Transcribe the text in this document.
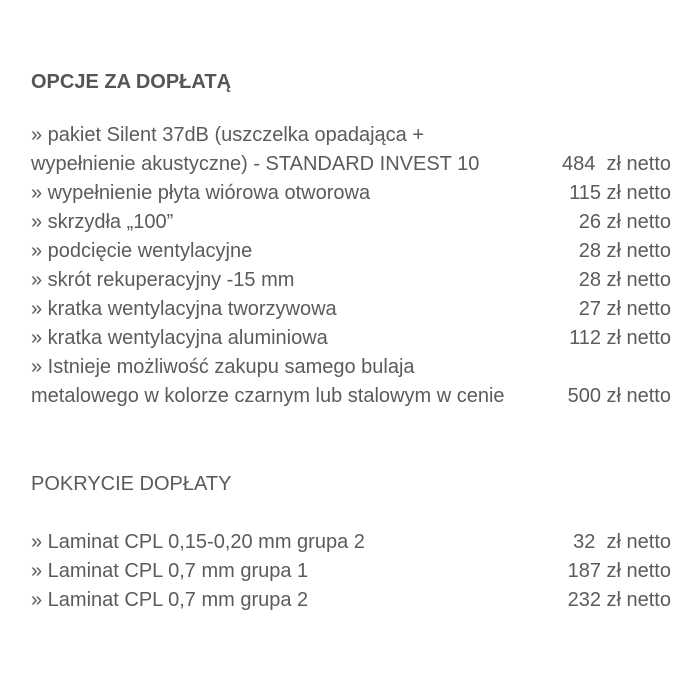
OPCJE ZA DOPŁATĄ
» pakiet Silent 37dB (uszczelka opadająca + wypełnienie akustyczne) - STANDARD INVEST 10	484  zł netto
» wypełnienie płyta wiórowa otworowa	115 zł netto
» skrzydła „100”	26 zł netto
» podcięcie wentylacyjne	28 zł netto
» skrót rekuperacyjny -15 mm	28 zł netto
» kratka wentylacyjna tworzywowa	27 zł netto
» kratka wentylacyjna aluminiowa	112 zł netto
» Istnieje możliwość zakupu samego bulaja metalowego w kolorze czarnym lub stalowym w cenie	500 zł netto
POKRYCIE DOPŁATY
» Laminat CPL 0,15-0,20 mm grupa 2	32  zł netto
» Laminat CPL 0,7 mm grupa 1	187 zł netto
» Laminat CPL 0,7 mm grupa 2	232 zł netto
